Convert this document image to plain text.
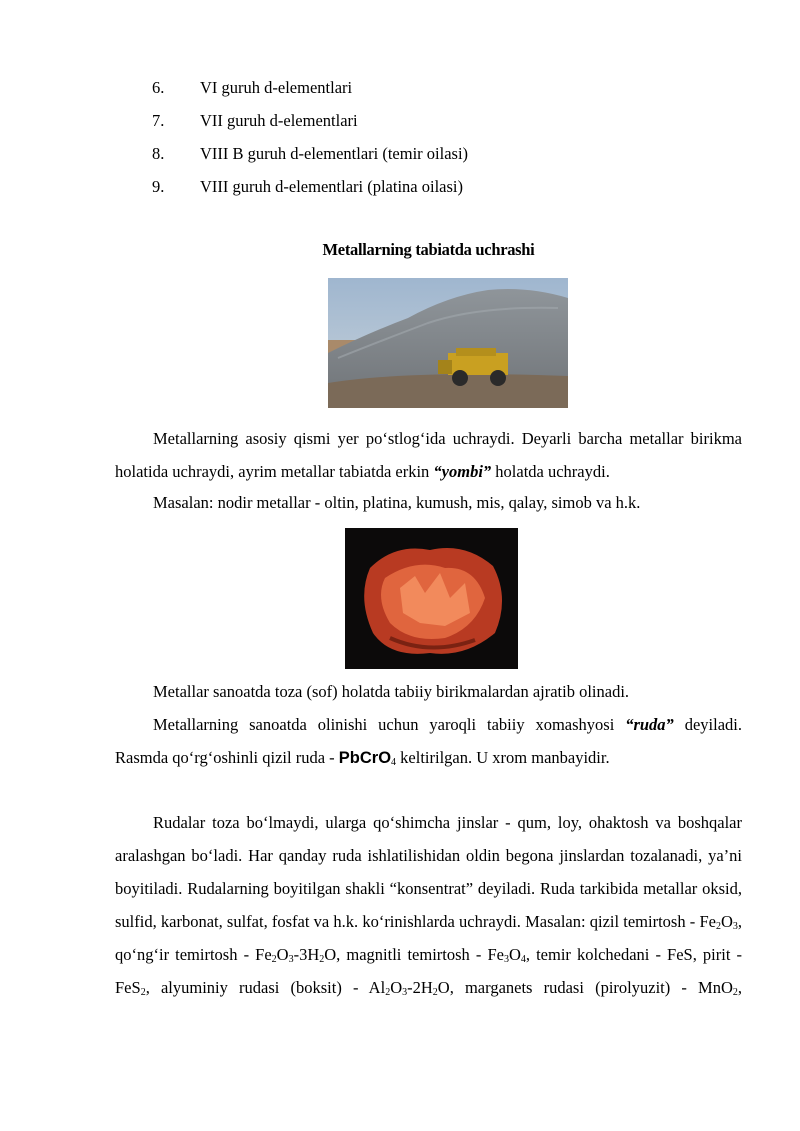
6. VI guruh d-elementlari
7. VII guruh d-elementlari
8. VIII B guruh d-elementlari (temir oilasi)
9. VIII guruh d-elementlari (platina oilasi)
Metallarning tabiatda uchrashi

Metallarning asosiy qismi yer po‘stlog‘ida uchraydi. Deyarli barcha metallar birikma holatida uchraydi, ayrim metallar tabiatda erkin “yombi” holatda uchraydi.

Masalan: nodir metallar - oltin, platina, kumush, mis, qalay, simob va h.k.

Metallar sanoatda toza (sof) holatda tabiiy birikmalardan ajratib olinadi.

Metallarning sanoatda olinishi uchun yaroqli tabiiy xomashyosi “ruda” deyiladi. Rasmda qo‘rg‘oshinli qizil ruda - PbCrO$_4$ keltirilgan. U xrom manbayidir.

Rudalar toza bo‘lmaydi, ularga qo‘shimcha jinslar - qum, loy, ohaktosh va boshqalar aralashgan bo‘ladi. Har qanday ruda ishlatilishidan oldin begona jinslardan tozalanadi, ya’ni boyitiladi. Rudalarning boyitilgan shakli “konsentrat” deyiladi. Ruda tarkibida metallar oksid, sulfid, karbonat, sulfat, fosfat va h.k. ko‘rinishlarda uchraydi. Masalan: qizil temirtosh - $Fe_2O_3$, qo‘ng‘ir temirtosh - $Fe_2O_3-3H_2O$, magnitli temirtosh - $Fe_3O_4$, temir kolchedani - FeS, pirit - FeS$_2$, alyuminiy rudasi (boksit) - $Al_2O_3-2H_2O$, marganets rudasi (pirolyuzit) - MnO$_2$,
